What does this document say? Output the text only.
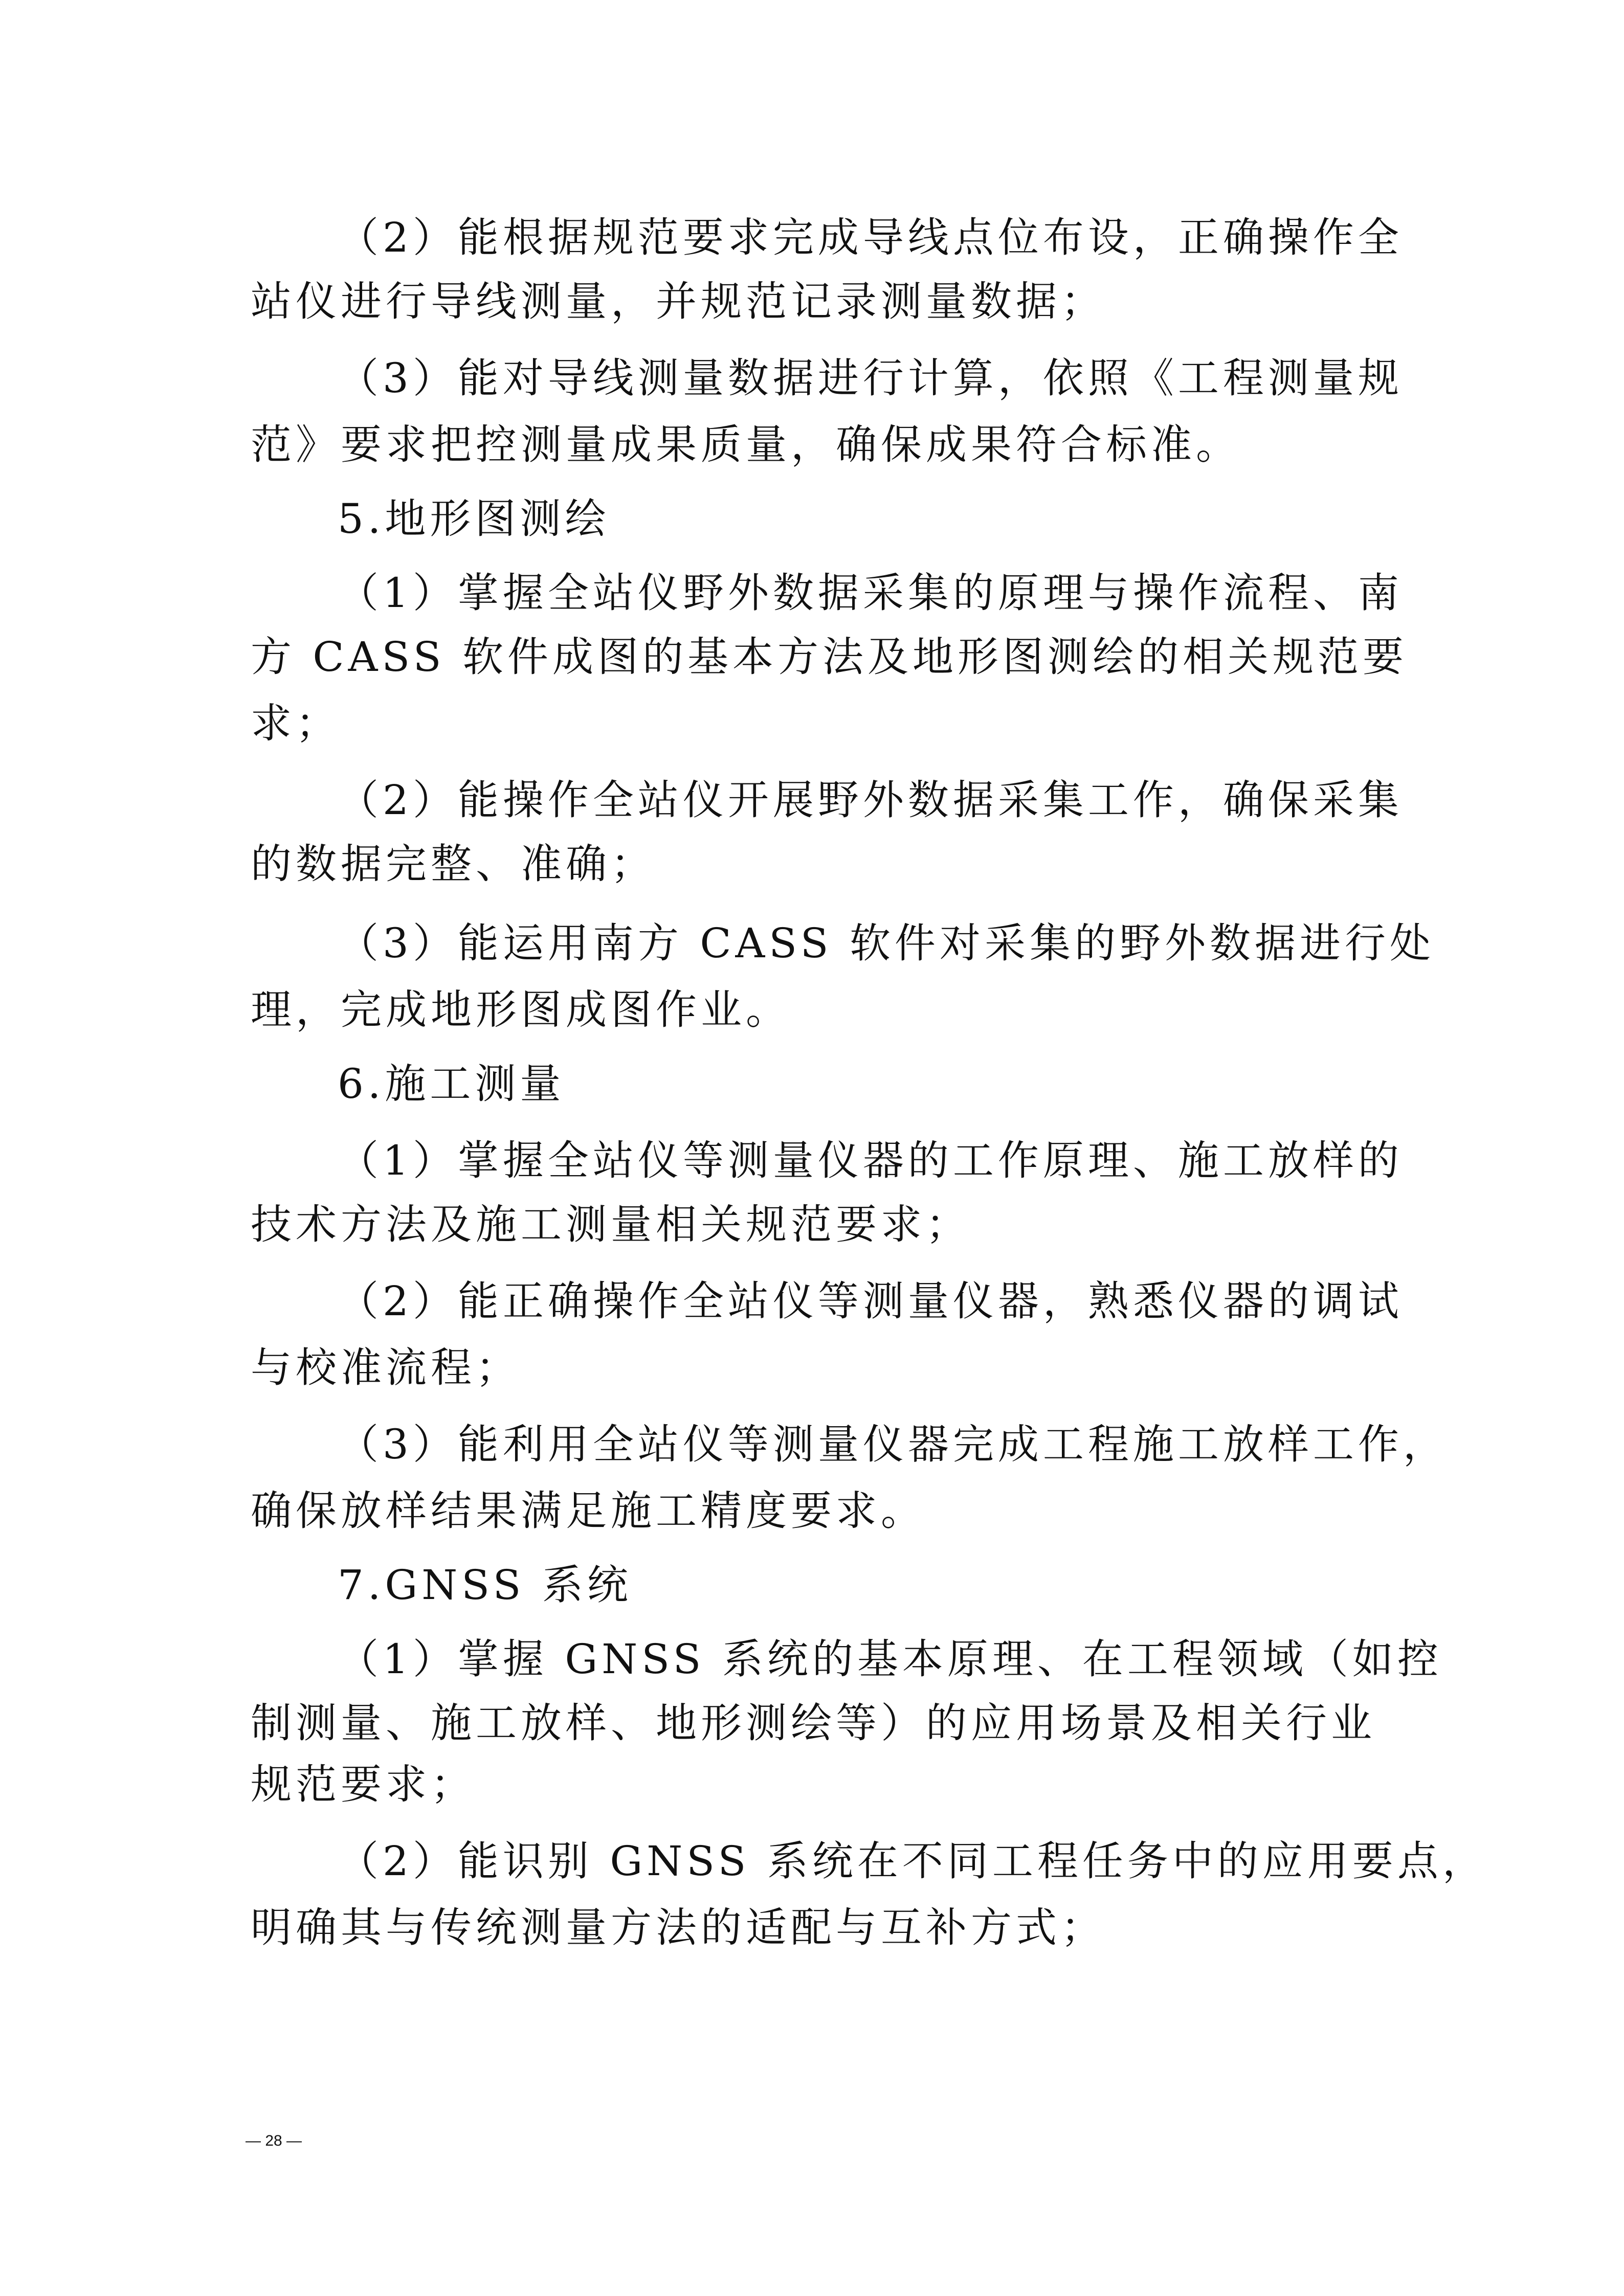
（2）能根据规范要求完成导线点位布设，正确操作全
站仪进行导线测量，并规范记录测量数据；
（3）能对导线测量数据进行计算，依照《工程测量规
范》要求把控测量成果质量，确保成果符合标准。
5.地形图测绘
（1）掌握全站仪野外数据采集的原理与操作流程、南
方 CASS 软件成图的基本方法及地形图测绘的相关规范要
求；
（2）能操作全站仪开展野外数据采集工作，确保采集
的数据完整、准确；
（3）能运用南方 CASS 软件对采集的野外数据进行处
理，完成地形图成图作业。
6.施工测量
（1）掌握全站仪等测量仪器的工作原理、施工放样的
技术方法及施工测量相关规范要求；
（2）能正确操作全站仪等测量仪器，熟悉仪器的调试
与校准流程；
（3）能利用全站仪等测量仪器完成工程施工放样工作，
确保放样结果满足施工精度要求。
7.GNSS 系统
（1）掌握 GNSS 系统的基本原理、在工程领域（如控
制测量、施工放样、地形测绘等）的应用场景及相关行业
规范要求；
（2）能识别 GNSS 系统在不同工程任务中的应用要点，
明确其与传统测量方法的适配与互补方式；
— 28 —
